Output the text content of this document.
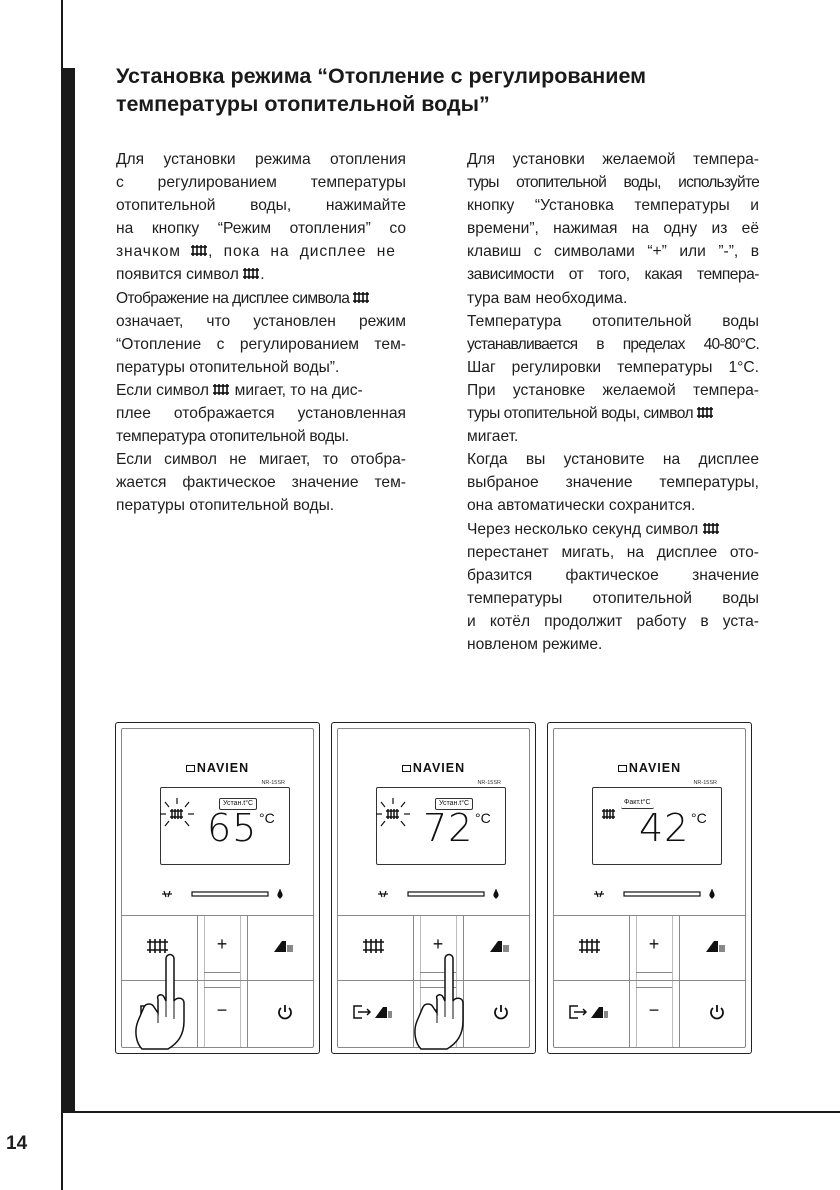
14
Установка режима “Отопление с регулированием
температуры отопительной воды”
Для установки режима отопления
с регулированием температуры
отопительной воды, нажимайте
на кнопку “Режим отопления” со
значком , пока на дисплее не
появится символ .
Отображение на дисплее символа
означает, что установлен режим
“Отопление с регулированием тем-
пературы отопительной воды”.
Если символ мигает, то на дис-
плее отображается установленная
температура отопительной воды.
Если символ не мигает, то отобра-
жается фактическое значение тем-
пературы отопительной воды.
Для установки желаемой темпера-
туры отопительной воды, используйте
кнопку “Установка температуры и
времени”, нажимая на одну из её
клавиш с символами “+” или ”-”, в
зависимости от того, какая темпера-
тура вам необходима.
Температура отопительной воды
устанавливается в пределах 40-80°С.
Шаг регулировки температуры 1°С.
При установке желаемой темпера-
туры отопительной воды, символ
мигает.
Когда вы установите на дисплее
выбраное значение температуры,
она автоматически сохранится.
Через несколько секунд символ
перестанет мигать, на дисплее ото-
бразится фактическое значение
температуры отопительной воды
и котёл продолжит работу в уста-
новленом режиме.
NAVIEN
NR-15SR
Устан.t°C
65 °C
+
−
NAVIEN
NR-15SR
Устан.t°C
72 °C
+
NAVIEN
NR-15SR
Факт.t°C
42 °C
+
−
